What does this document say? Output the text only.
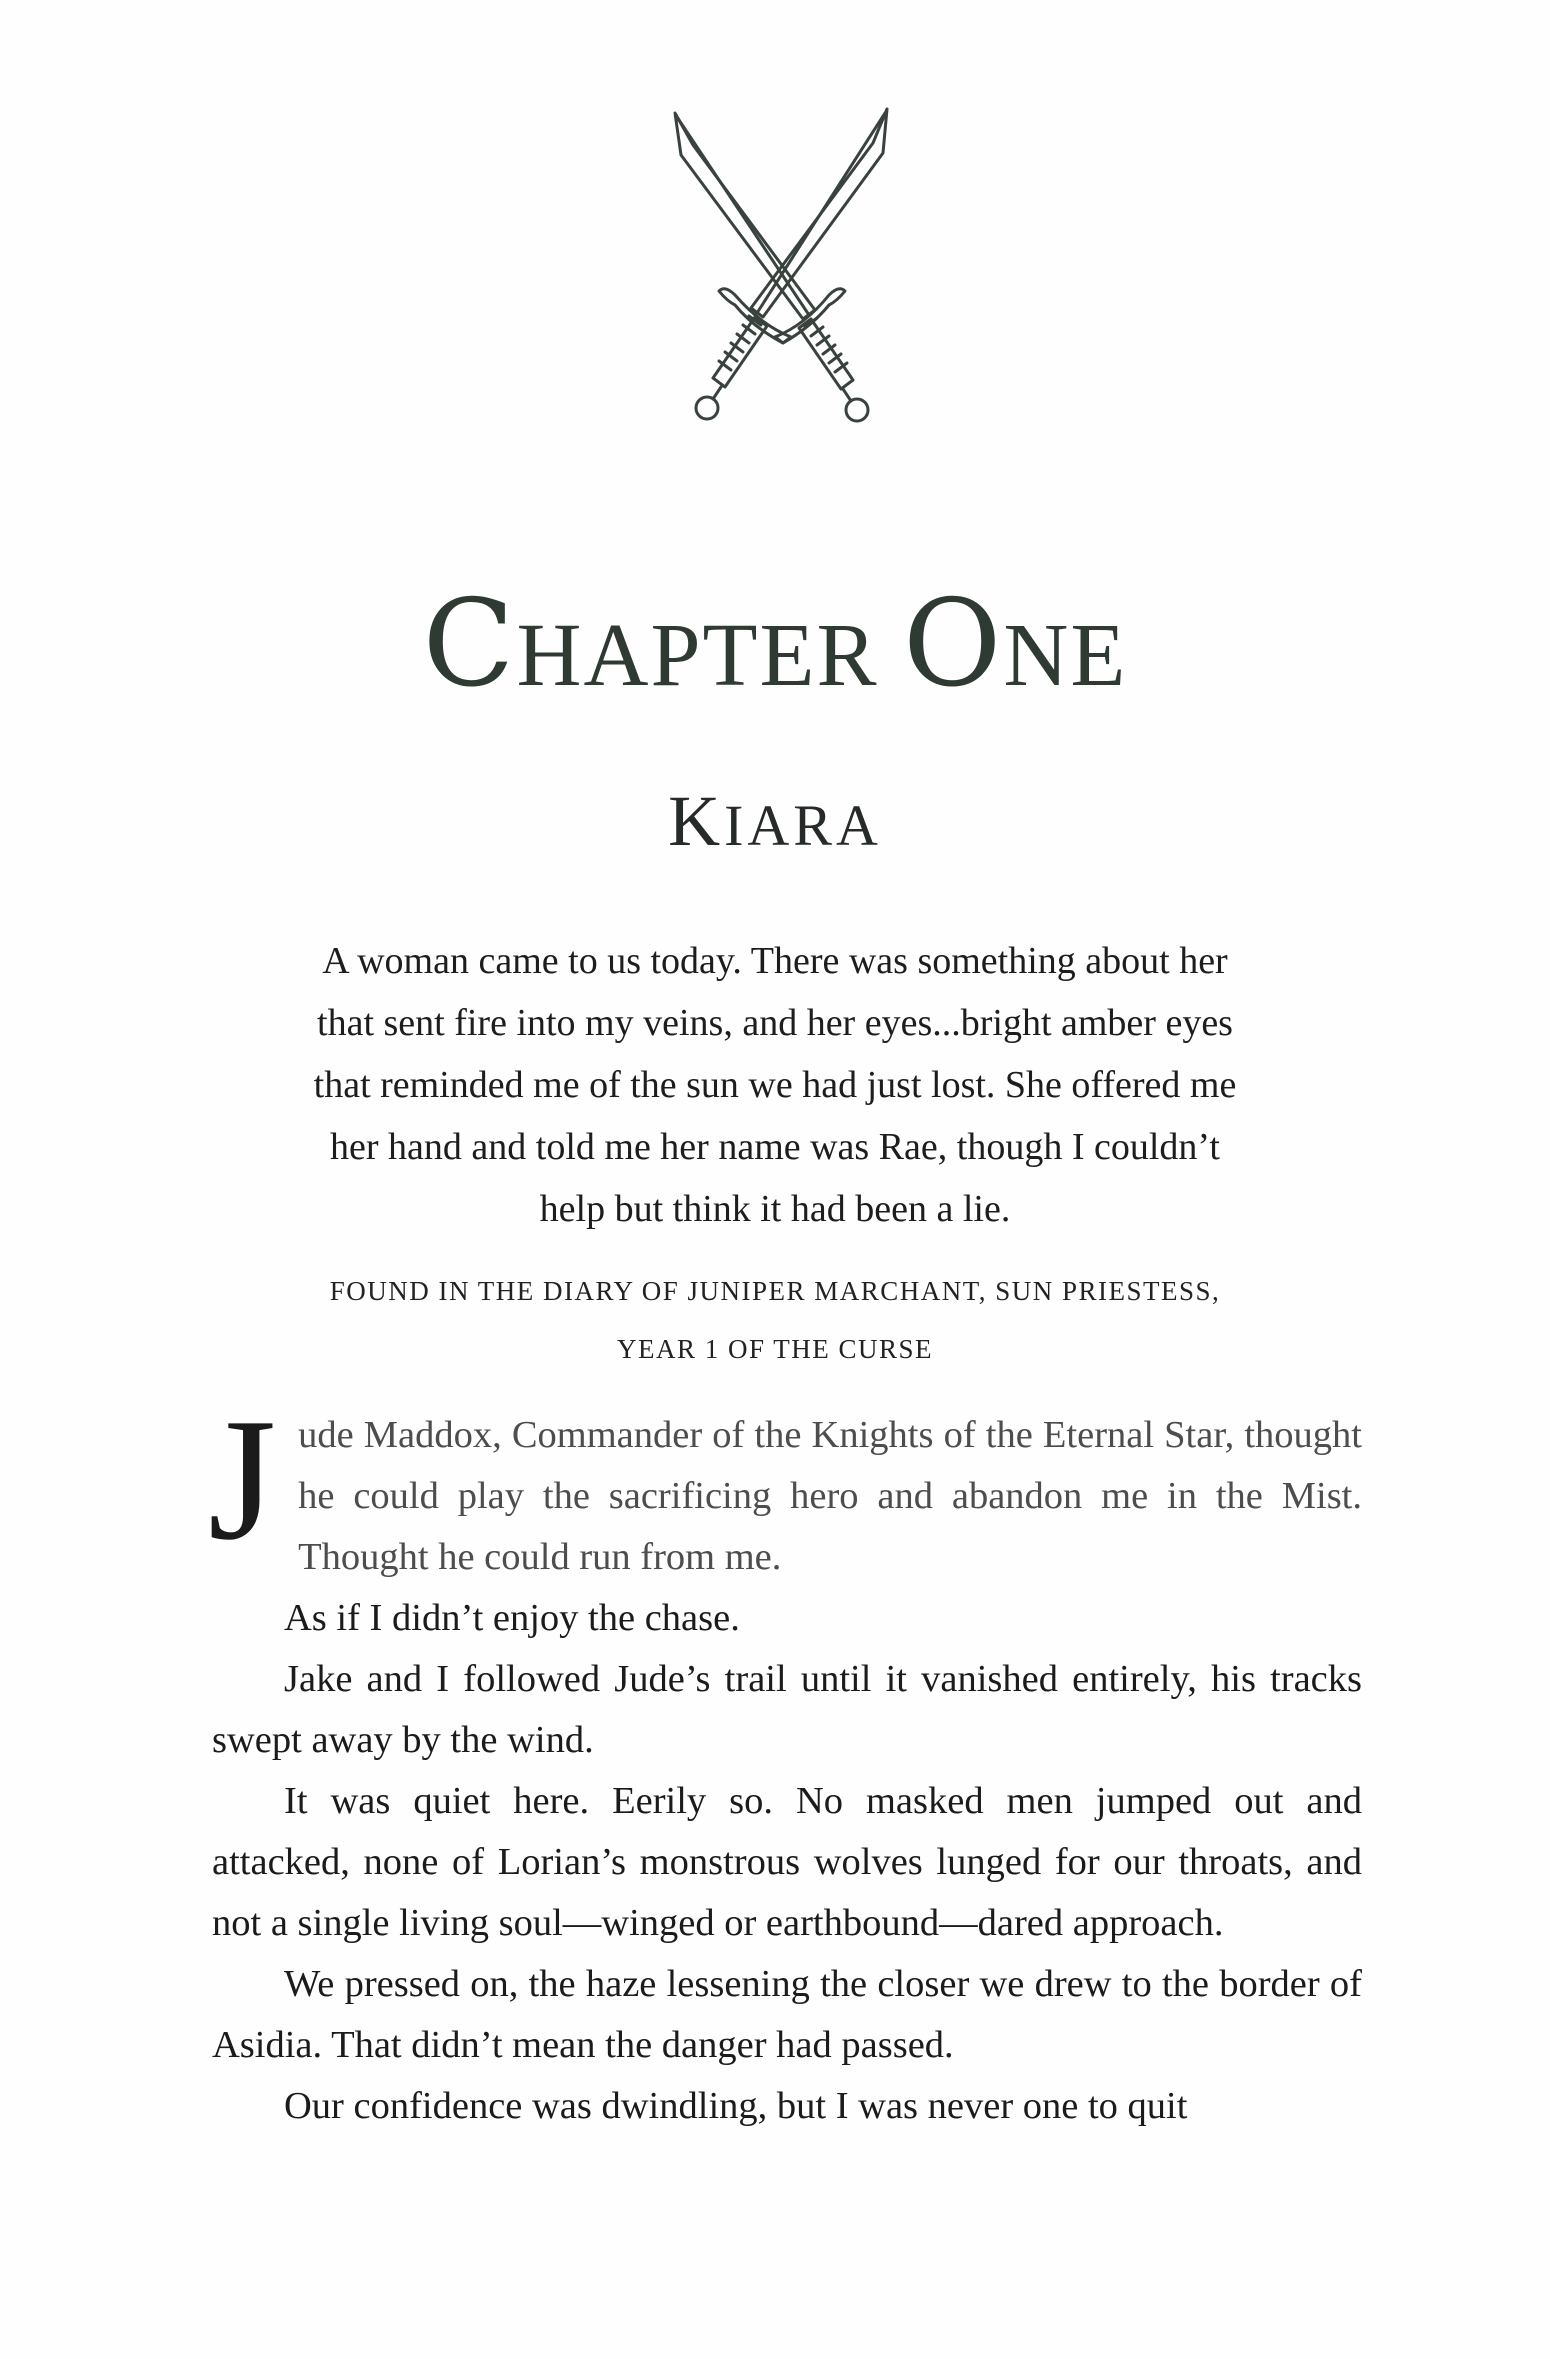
CHAPTER ONE
KIARA
A woman came to us today. There was something about her
that sent fire into my veins, and her eyes...bright amber eyes
that reminded me of the sun we had just lost. She offered me
her hand and told me her name was Rae, though I couldn’t
help but think it had been a lie.
FOUND IN THE DIARY OF JUNIPER MARCHANT, SUN PRIESTESS,
YEAR 1 OF THE CURSE

Jude Maddox, Commander of the Knights of the Eternal Star, thought he could play the sacrificing hero and abandon me in the Mist. Thought he could run from me.

As if I didn’t enjoy the chase.

Jake and I followed Jude’s trail until it vanished entirely, his tracks swept away by the wind.

It was quiet here. Eerily so. No masked men jumped out and attacked, none of Lorian’s monstrous wolves lunged for our throats, and not a single living soul—winged or earthbound—dared approach.

We pressed on, the haze lessening the closer we drew to the border of Asidia. That didn’t mean the danger had passed.

Our confidence was dwindling, but I was never one to quit
